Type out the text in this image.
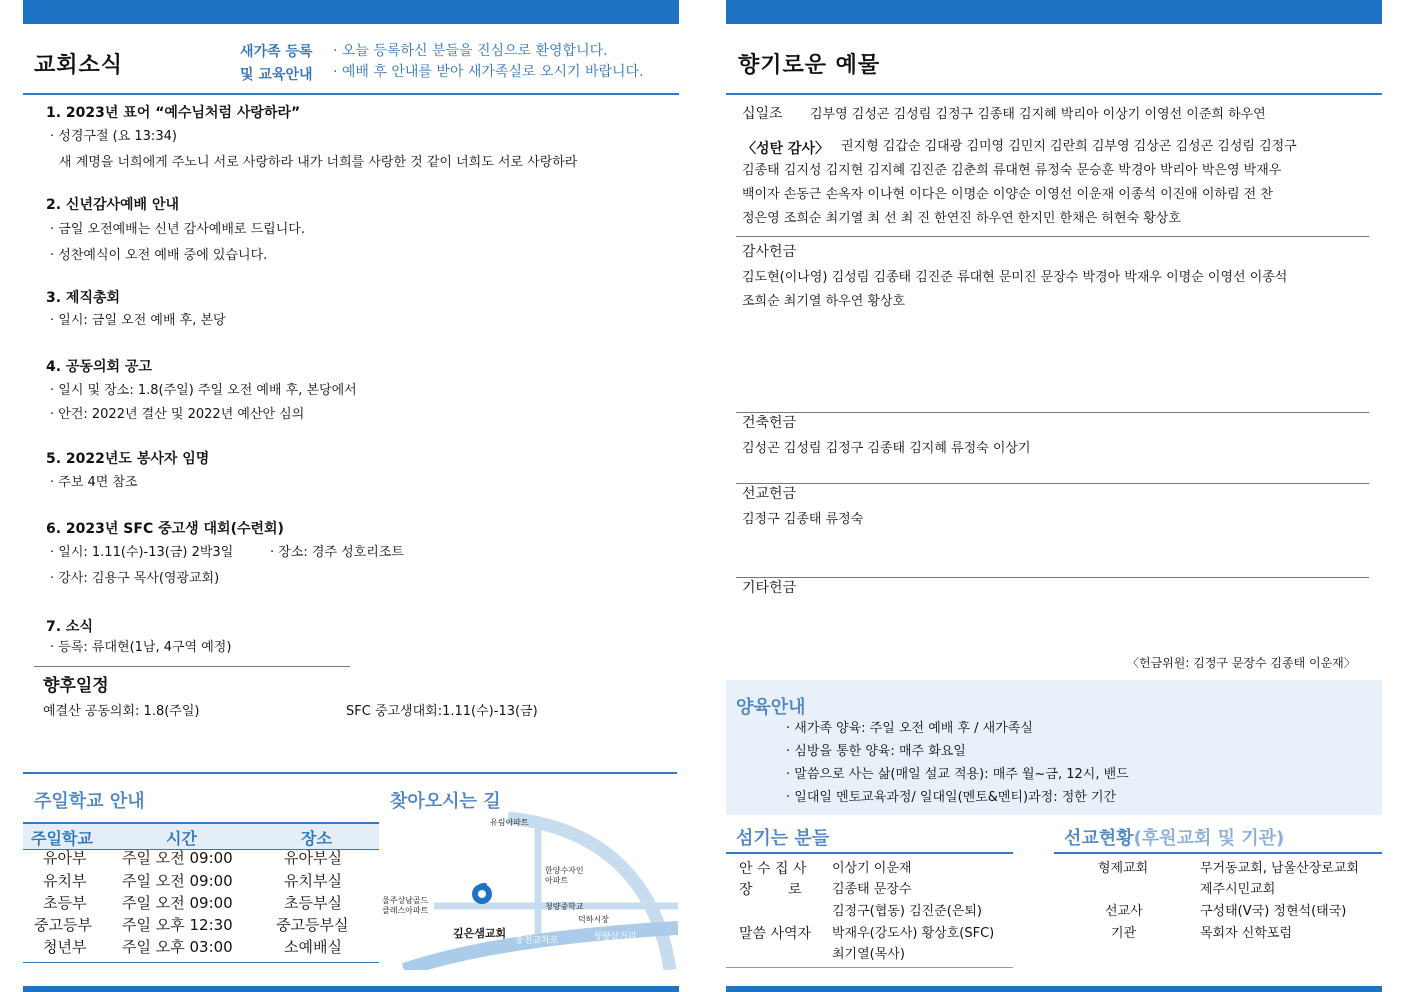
교회소식
새가족 등록
및 교육안내
· 오늘 등록하신 분들을 진심으로 환영합니다.
· 예배 후 안내를 받아 새가족실로 오시기 바랍니다.
1. 2023년 표어 “예수님처럼 사랑하라”
· 성경구절 (요 13:34)
새 계명을 너희에게 주노니 서로 사랑하라 내가 너희를 사랑한 것 같이 너희도 서로 사랑하라
2. 신년감사예배 안내
· 금일 오전예배는 신년 감사예배로 드립니다.
· 성찬예식이 오전 예배 중에 있습니다.
3. 제직총회
· 일시: 금일 오전 예배 후, 본당
4. 공동의회 공고
· 일시 및 장소: 1.8(주일) 주일 오전 예배 후, 본당에서
· 안건: 2022년 결산 및 2022년 예산안 심의
5. 2022년도 봉사자 임명
· 주보 4면 참조
6. 2023년 SFC 중고생 대회(수련회)
· 일시: 1.11(수)-13(금) 2박3일	· 장소: 경주 성호리조트
· 강사: 김용구 목사(영광교회)
7. 소식
· 등록: 류대현(1남, 4구역 예정)
향후일정
예결산 공동의회: 1.8(주일)	SFC 중고생대회:1.11(수)-13(금)
주일학교 안내
주일학교	시간	장소
유아부 주일 오전 09:00	유아부실
유치부 주일 오전 09:00	유치부실
초등부 주일 오전 09:00	초등부실
중고등부 주일 오후 12:30	중고등부실
청년부 주일 오후 03:00	소예배실
찾아오시는 길
유림아파트
한양수자인 아파트
울주상남골드 클래스아파트	청량중학교
덕하시장
충전교차로	청량삼거리
깊은샘교회
향기로운 예물
십일조 김부영 김성곤 김성림 김정구 김종태 김지혜 박리아 이상기 이영선 이준희 하우연
〈성탄 감사〉 권지형 김갑순 김대광 김미영 김민지 김란희 김부영 김상곤 김성곤 김성림 김정구
김종태 김지성 김지현 김지혜 김진준 김춘희 류대현 류정숙 문승훈 박경아 박리아 박은영 박재우
백이자 손동근 손옥자 이나현 이다은 이명순 이양순 이영선 이운재 이종석 이진애 이하림 전 찬
정은영 조희순 최기열 최 선 최 진 한연진 하우연 한지민 한채은 허현숙 황상호
감사헌금
김도현(이나영) 김성림 김종태 김진준 류대현 문미진 문장수 박경아 박재우 이명순 이영선 이종석
조희순 최기열 하우연 황상호
건축헌금
김성곤 김성림 김정구 김종태 김지혜 류정숙 이상기
선교헌금
김정구 김종태 류정숙
기타헌금
〈헌금위원: 김정구 문장수 김종태 이운재〉
양육안내
· 새가족 양육: 주일 오전 예배 후 / 새가족실
· 심방을 통한 양육: 매주 화요일
· 말씀으로 사는 삶(매일 설교 적용): 매주 월~금, 12시, 밴드
· 일대일 멘토교육과정/ 일대일(멘토&멘티)과정: 정한 기간
섬기는 분들
안 수 집 사 이상기 이운재
장        로 김종태 문장수
김정구(협동) 김진준(은퇴)
말씀 사역자 박재우(강도사) 황상호(SFC)
최기열(목사)
선교현황(후원교회 및 기관)
형제교회	무거동교회, 남울산장로교회
제주시민교회
선교사	구성태(V국) 정현석(태국)
기관	목회자 신학포럼
